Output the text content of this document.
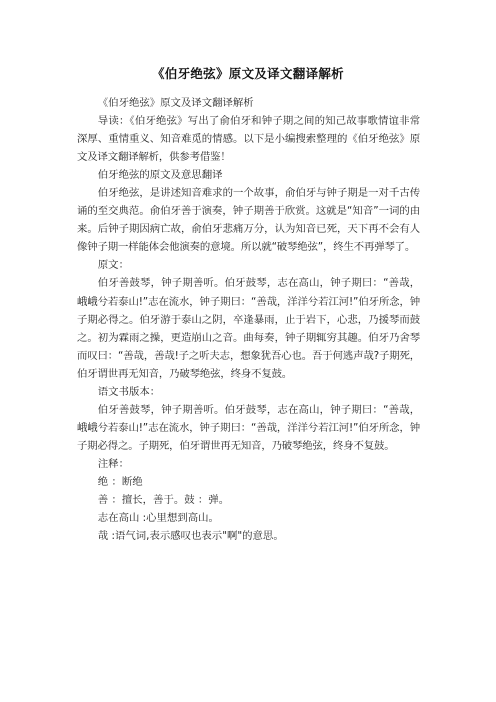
《伯牙绝弦》原文及译文翻译解析

《伯牙绝弦》原文及译文翻译解析

导读：《伯牙绝弦》写出了俞伯牙和钟子期之间的知己故事歌情谊非常深厚、重情重义、知音难觅的情感。以下是小编搜索整理的《伯牙绝弦》原文及译文翻译解析，供参考借鉴！

伯牙绝弦的原文及意思翻译

伯牙绝弦，是讲述知音难求的一个故事，俞伯牙与钟子期是一对千古传诵的至交典范。俞伯牙善于演奏，钟子期善于欣赏。这就是“知音”一词的由来。后钟子期因病亡故，俞伯牙悲痛万分，认为知音已死，天下再不会有人像钟子期一样能体会他演奏的意境。所以就“破琴绝弦”，终生不再弹琴了。

原文：

伯牙善鼓琴，钟子期善听。伯牙鼓琴，志在高山，钟子期曰：“善哉，峨峨兮若泰山!”志在流水，钟子期曰：“善哉，洋洋兮若江河!”伯牙所念，钟子期必得之。伯牙游于泰山之阴，卒逢暴雨，止于岩下，心悲，乃援琴而鼓之。初为霖雨之操，更造崩山之音。曲每奏，钟子期辄穷其趣。伯牙乃舍琴而叹曰：“善哉，善哉!子之听夫志，想象犹吾心也。吾于何逃声哉?子期死，伯牙谓世再无知音，乃破琴绝弦，终身不复鼓。

语文书版本：

伯牙善鼓琴，钟子期善听。伯牙鼓琴，志在高山，钟子期曰：“善哉，峨峨兮若泰山!”志在流水，钟子期曰：“善哉，洋洋兮若江河!”伯牙所念，钟子期必得之。子期死，伯牙谓世再无知音，乃破琴绝弦，终身不复鼓。

注释：

绝 ：断绝

善 ：擅长，善于。鼓 ：弹。

志在高山 :心里想到高山。

哉 :语气词,表示感叹也表示"啊"的意思。
